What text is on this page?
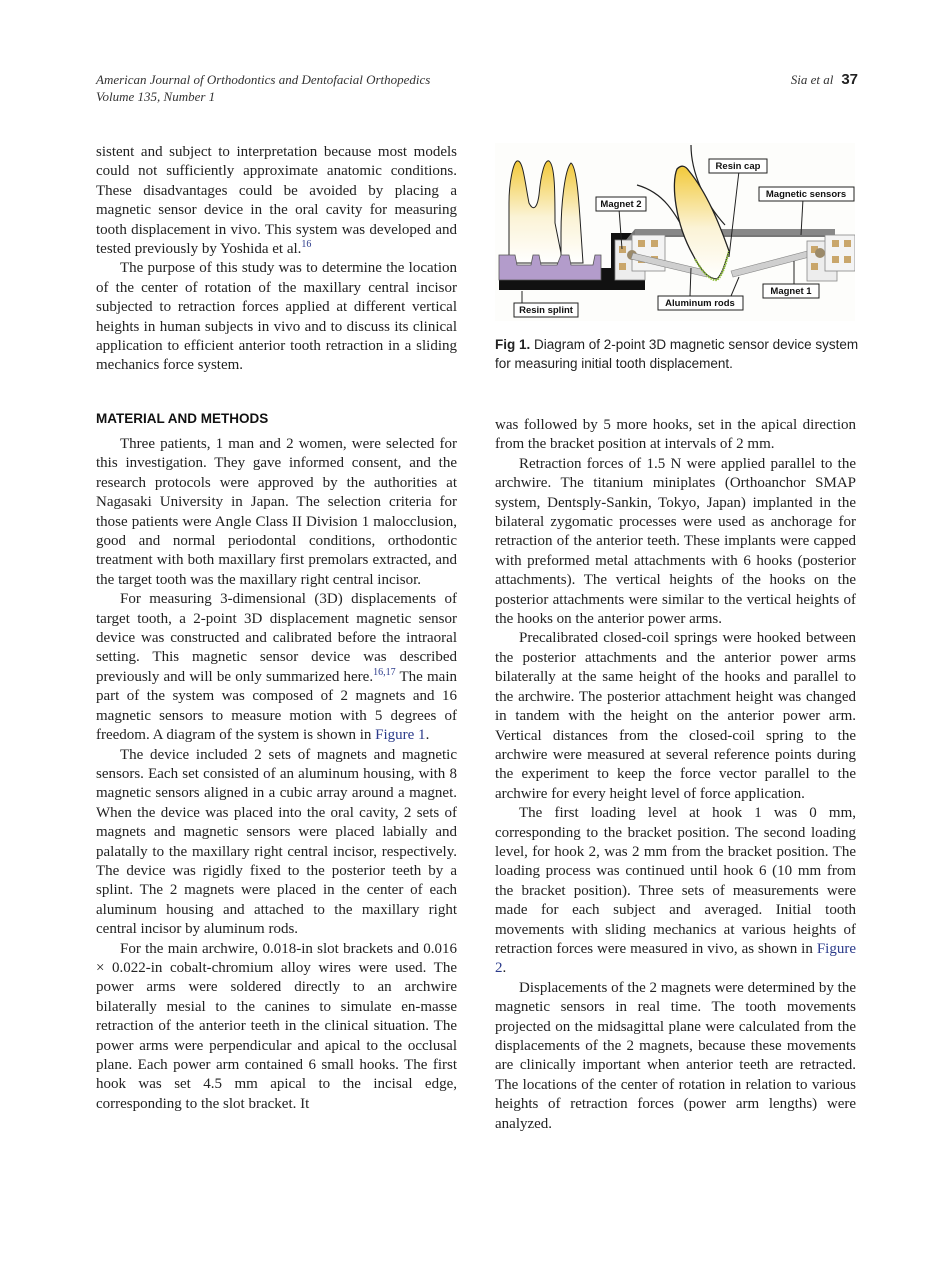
American Journal of Orthodontics and Dentofacial Orthopedics
Volume 135, Number 1
Sia et al 37

sistent and subject to interpretation because most models could not sufficiently approximate anatomic conditions. These disadvantages could be avoided by placing a magnetic sensor device in the oral cavity for measuring tooth displacement in vivo. This system was developed and tested previously by Yoshida et al.$^{16}$

The purpose of this study was to determine the location of the center of rotation of the maxillary central incisor subjected to retraction forces applied at different vertical heights in human subjects in vivo and to discuss its clinical application to efficient anterior tooth retraction in a sliding mechanics force system.

MATERIAL AND METHODS

Three patients, 1 man and 2 women, were selected for this investigation. They gave informed consent, and the research protocols were approved by the authorities at Nagasaki University in Japan. The selection criteria for those patients were Angle Class II Division 1 malocclusion, good and normal periodontal conditions, orthodontic treatment with both maxillary first premolars extracted, and the target tooth was the maxillary right central incisor.

For measuring 3-dimensional (3D) displacements of target tooth, a 2-point 3D displacement magnetic sensor device was constructed and calibrated before the intraoral setting. This magnetic sensor device was described previously and will be only summarized here.$^{16,17}$ The main part of the system was composed of 2 magnets and 16 magnetic sensors to measure motion with 5 degrees of freedom. A diagram of the system is shown in Figure 1.

The device included 2 sets of magnets and magnetic sensors. Each set consisted of an aluminum housing, with 8 magnetic sensors aligned in a cubic array around a magnet. When the device was placed into the oral cavity, 2 sets of magnets and magnetic sensors were placed labially and palatally to the maxillary right central incisor, respectively. The device was rigidly fixed to the posterior teeth by a splint. The 2 magnets were placed in the center of each aluminum housing and attached to the maxillary right central incisor by aluminum rods.

For the main archwire, 0.018-in slot brackets and 0.016 × 0.022-in cobalt-chromium alloy wires were used. The power arms were soldered directly to an archwire bilaterally mesial to the canines to simulate en-masse retraction of the anterior teeth in the clinical situation. The power arms were perpendicular and apical to the occlusal plane. Each power arm contained 6 small hooks. The first hook was set 4.5 mm apical to the incisal edge, corresponding to the slot bracket. It

Resin cap
Magnetic sensors
Magnet 2
Magnet 1
Aluminum rods
Resin splint
Fig 1. Diagram of 2-point 3D magnetic sensor device system for measuring initial tooth displacement.

was followed by 5 more hooks, set in the apical direction from the bracket position at intervals of 2 mm.

Retraction forces of 1.5 N were applied parallel to the archwire. The titanium miniplates (Orthoanchor SMAP system, Dentsply-Sankin, Tokyo, Japan) implanted in the bilateral zygomatic processes were used as anchorage for retraction of the anterior teeth. These implants were capped with preformed metal attachments with 6 hooks (posterior attachments). The vertical heights of the hooks on the posterior attachments were similar to the vertical heights of the hooks on the anterior power arms.

Precalibrated closed-coil springs were hooked between the posterior attachments and the anterior power arms bilaterally at the same height of the hooks and parallel to the archwire. The posterior attachment height was changed in tandem with the height on the anterior power arm. Vertical distances from the closed-coil spring to the archwire were measured at several reference points during the experiment to keep the force vector parallel to the archwire for every height level of force application.

The first loading level at hook 1 was 0 mm, corresponding to the bracket position. The second loading level, for hook 2, was 2 mm from the bracket position. The loading process was continued until hook 6 (10 mm from the bracket position). Three sets of measurements were made for each subject and averaged. Initial tooth movements with sliding mechanics at various heights of retraction forces were measured in vivo, as shown in Figure 2.

Displacements of the 2 magnets were determined by the magnetic sensors in real time. The tooth movements projected on the midsagittal plane were calculated from the displacements of the 2 magnets, because these movements are clinically important when anterior teeth are retracted. The locations of the center of rotation in relation to various heights of retraction forces (power arm lengths) were analyzed.
